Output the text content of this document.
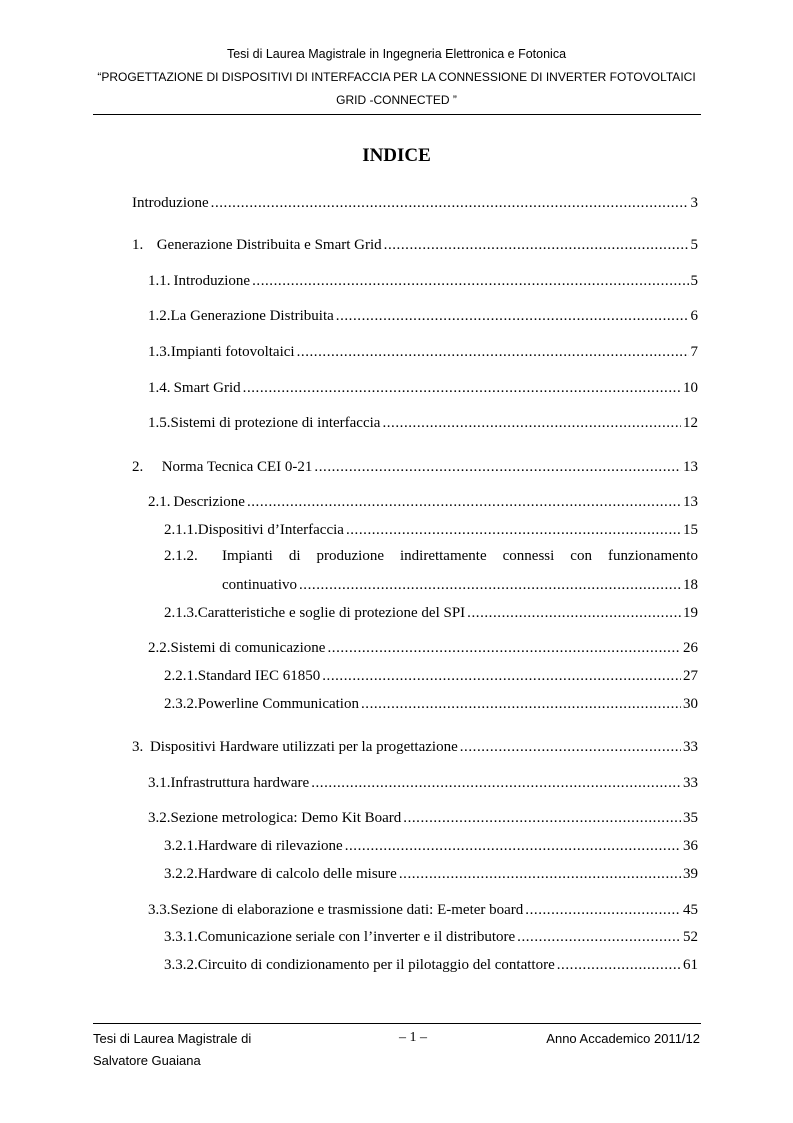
Tesi di Laurea Magistrale in Ingegneria Elettronica e Fotonica
“PROGETTAZIONE DI DISPOSITIVI DI INTERFACCIA PER LA CONNESSIONE DI INVERTER FOTOVOLTAICI
GRID -CONNECTED ”
INDICE
Introduzione . . .	3
1. Generazione Distribuita e Smart Grid . . .	5
1.1. Introduzione . . .	5
1.2. La Generazione Distribuita . . .	6
1.3. Impianti fotovoltaici . . .	7
1.4. Smart Grid . . .	10
1.5. Sistemi di protezione di interfaccia . . .	12
2.	Norma Tecnica CEI 0-21 . . .	13
2.1. Descrizione . . .	13
2.1.1. Dispositivi d’Interfaccia . . .	15
2.1.2. Impianti di produzione indirettamente connessi con funzionamento
continuativo . . .	18
2.1.3. Caratteristiche e soglie di protezione del SPI . . .	19
2.2. Sistemi di comunicazione . . .	26
2.2.1. Standard IEC 61850 . . .	27
2.3.2. Powerline Communication . . .	30
3. Dispositivi Hardware utilizzati per la progettazione . . .	33
3.1. Infrastruttura hardware . . .	33
3.2. Sezione metrologica: Demo Kit Board . . .	35
3.2.1. Hardware di rilevazione . . .	36
3.2.2. Hardware di calcolo delle misure . . .	39
3.3. Sezione di elaborazione e trasmissione dati: E-meter board . . .	45
3.3.1. Comunicazione seriale con l’inverter e il distributore . . .	52
3.3.2. Circuito di condizionamento per il pilotaggio del contattore . . .	61
Tesi di Laurea Magistrale di
Salvatore Guaiana
– 1 –	Anno Accademico 2011/12
